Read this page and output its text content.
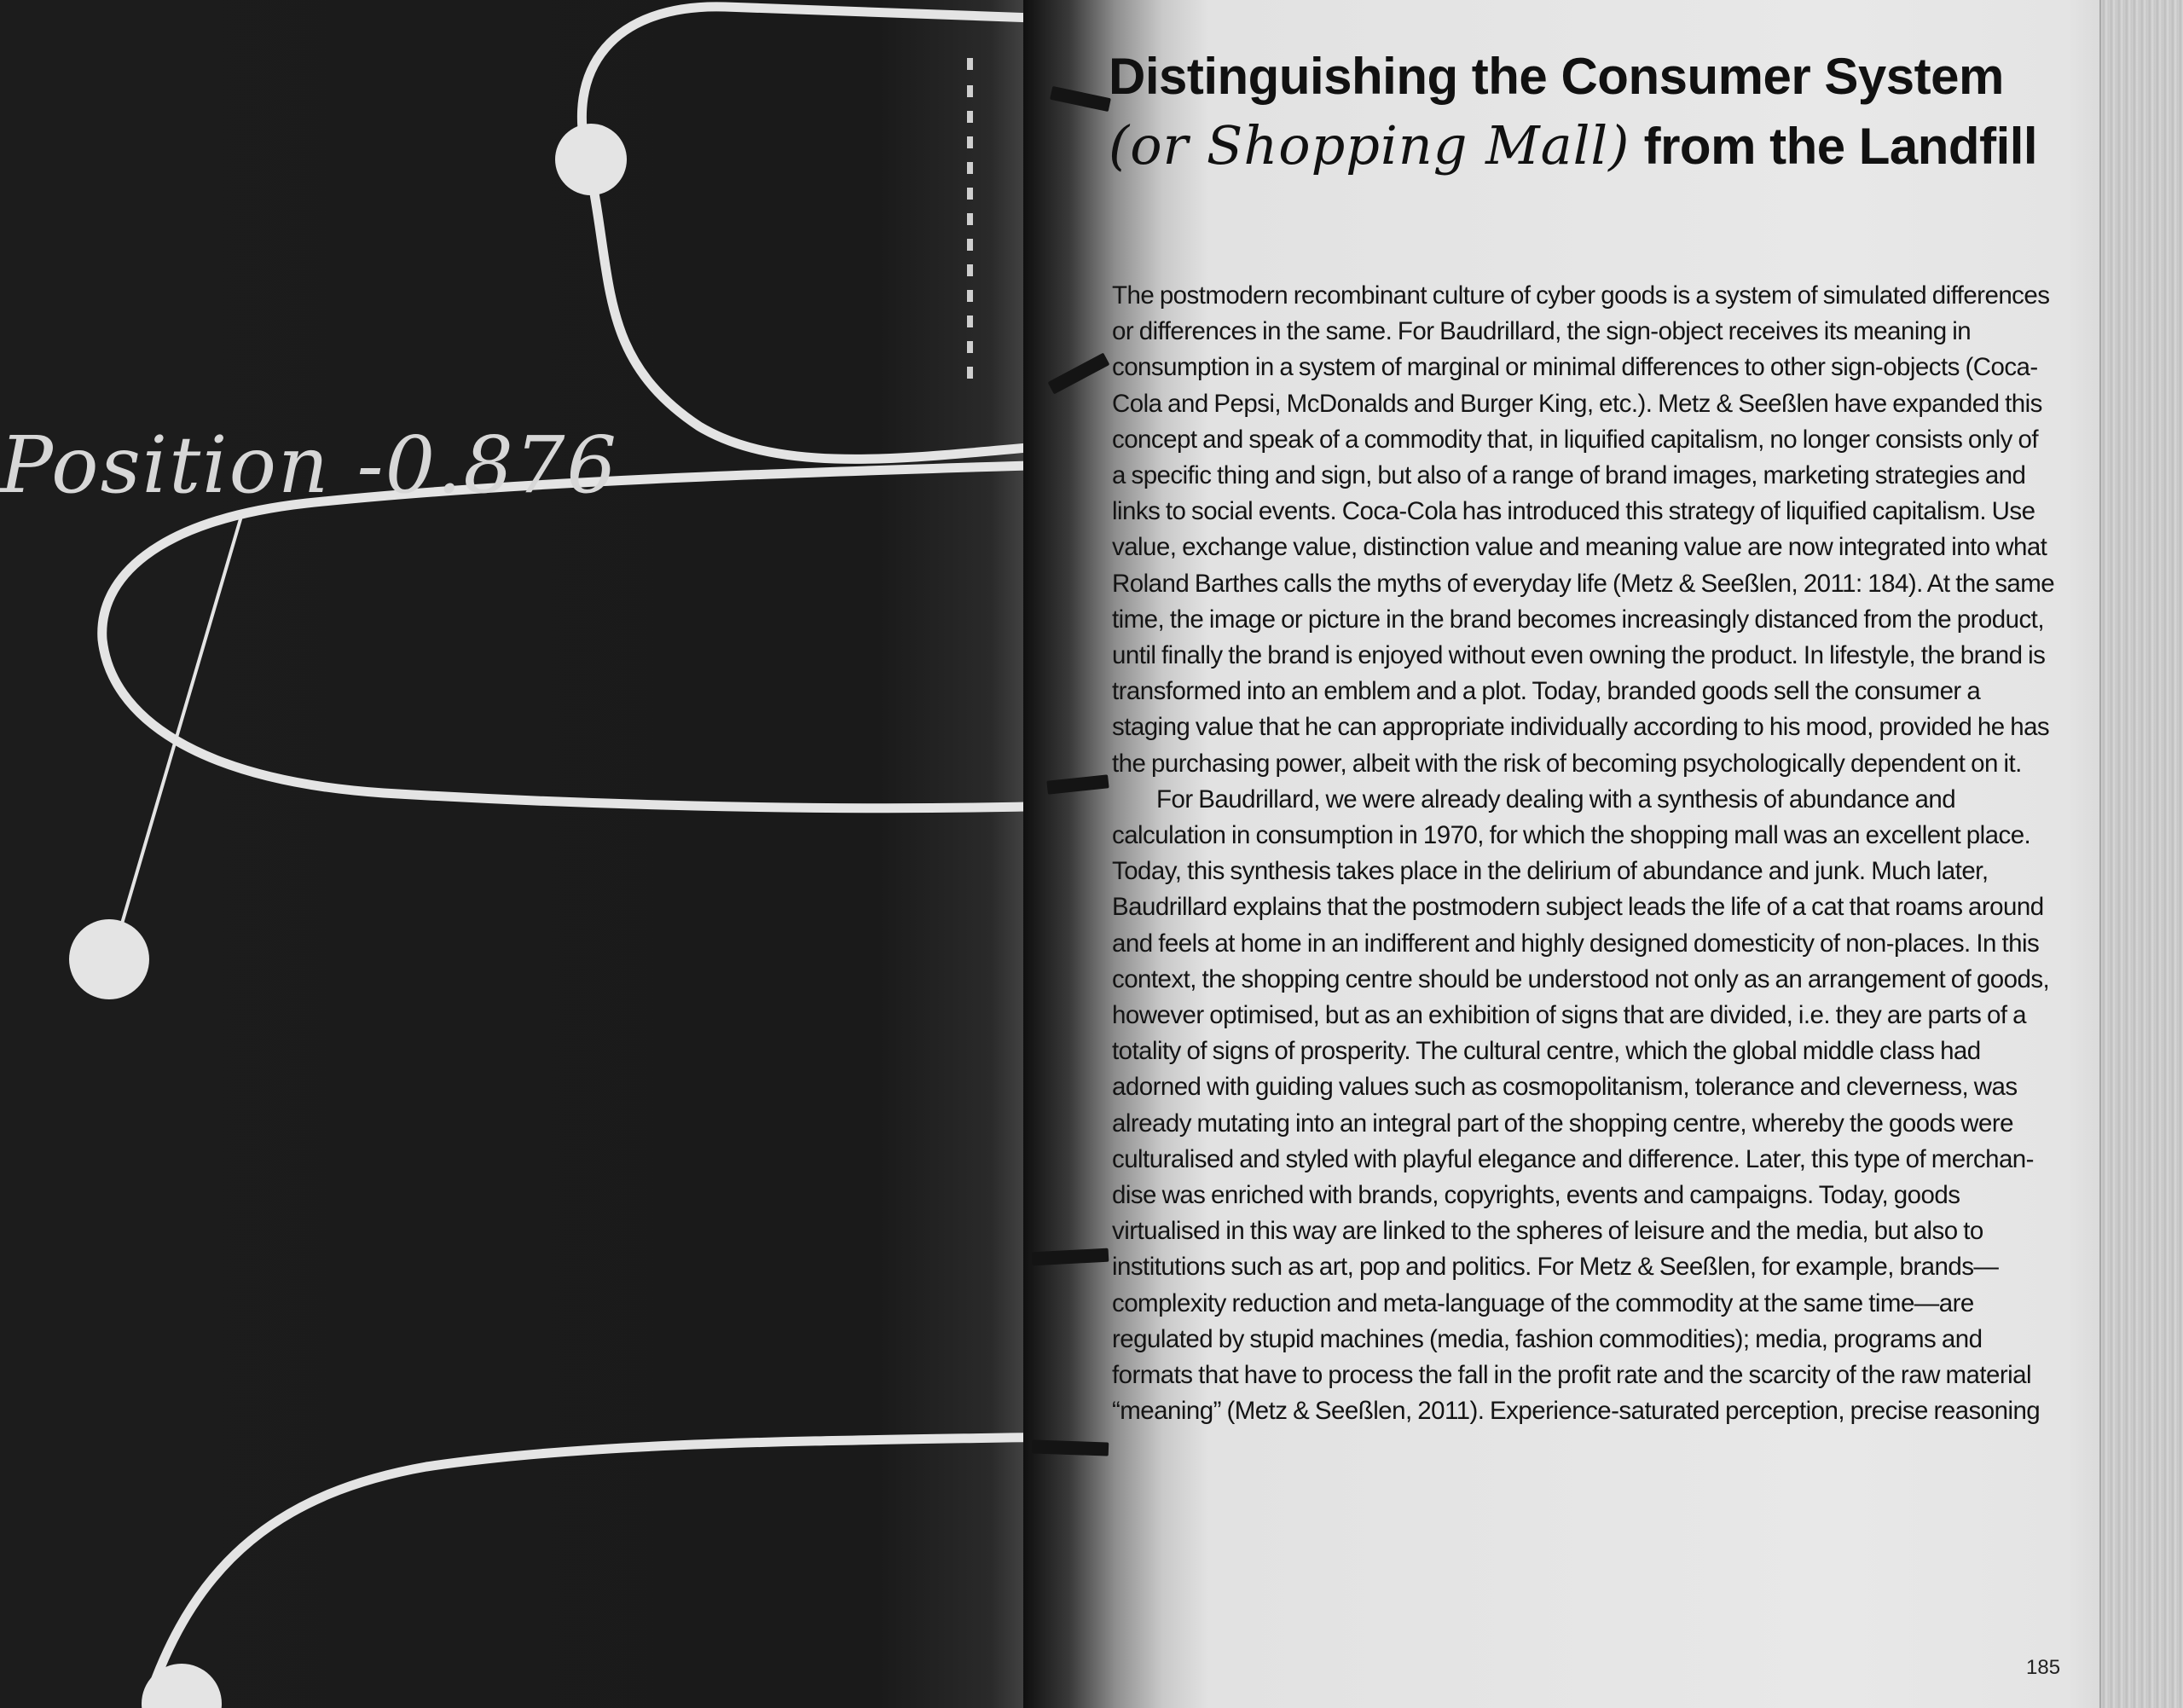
Position -0.876
Distinguishing the Consumer System
(or Shopping Mall) from the Landfill

The postmodern recombinant culture of cyber goods is a system of simulated differences or differences in the same. For Baudrillard, the sign-object receives its meaning in consumption in a system of marginal or minimal differences to other sign-objects (Coca-Cola and Pepsi, McDonalds and Burger King, etc.). Metz & Seeßlen have expanded this concept and speak of a commodity that, in liquified capitalism, no longer consists only of a specific thing and sign, but also of a range of brand images, marketing strategies and links to social events. Coca-Cola has introduced this strategy of liquified capitalism. Use value, exchange value, distinction value and meaning value are now integrated into what Roland Barthes calls the myths of everyday life (Metz & Seeßlen, 2011: 184). At the same time, the image or picture in the brand becomes increasingly distanced from the product, until finally the brand is enjoyed without even owning the product. In lifestyle, the brand is transformed into an emblem and a plot. Today, branded goods sell the consumer a staging value that he can appropriate individually according to his mood, provided he has the purchasing power, albeit with the risk of becoming psychologically dependent on it.

For Baudrillard, we were already dealing with a synthesis of abundance and calculation in consumption in 1970, for which the shopping mall was an excellent place. Today, this synthesis takes place in the delirium of abundance and junk. Much later, Baudrillard explains that the postmodern subject leads the life of a cat that roams around and feels at home in an indifferent and highly designed domesticity of non-places. In this context, the shopping centre should be understood not only as an arrangement of goods, however optimised, but as an exhibition of signs that are divided, i.e. they are parts of a totality of signs of prosperity. The cultural centre, which the global middle class had adorned with guiding values such as cosmopolitanism, tolerance and cleverness, was already mutating into an integral part of the shopping centre, whereby the goods were culturalised and styled with playful elegance and difference. Later, this type of merchan-dise was enriched with brands, copyrights, events and campaigns. Today, goods virtualised in this way are linked to the spheres of leisure and the media, but also to institutions such as art, pop and politics. For Metz & Seeßlen, for example, brands—complexity reduction and meta-language of the commodity at the same time—are regulated by stupid machines (media, fashion commodities); media, programs and formats that have to process the fall in the profit rate and the scarcity of the raw material “meaning” (Metz & Seeßlen, 2011). Experience-saturated perception, precise reasoning

185
